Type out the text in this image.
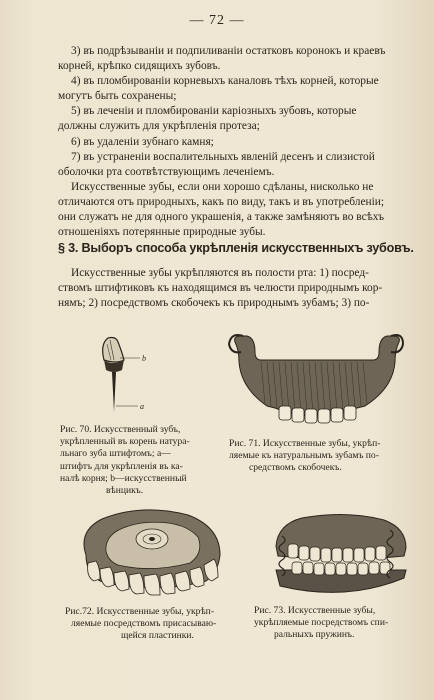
— 72 —
3) въ подрѣзываніи и подпиливаніи остатковъ коронокъ и краевъ
корней, крѣпко сидящихъ зубовъ.
4) въ пломбированіи корневыхъ каналовъ тѣхъ корней, которые
могутъ быть сохранены;
5) въ леченіи и пломбированіи каріозныхъ зубовъ, которые
должны служить для укрѣпленія протеза;
6) въ удаленіи зубнаго камня;
7) въ устраненіи воспалительныхъ явленій десенъ и слизистой
оболочки рта соотвѣтствующимъ леченіемъ.
Искусственные зубы, если они хорошо сдѣланы, нисколько не
отличаются отъ природныхъ, какъ по виду, такъ и въ употребленіи;
они служатъ не для одного украшенія, а также замѣняютъ во всѣхъ
отношеніяхъ потерянные природные зубы.
§ 3. Выборъ способа укрѣпленія искусственныхъ зубовъ.
Искусственные зубы укрѣпляются въ полости рта: 1) посред-
ствомъ штифтиковъ къ находящимся въ челюсти природнымъ кор-
нямъ; 2) посредствомъ скобочекъ къ природнымъ зубамъ; 3) по-
b
a
Рис. 70. Искусственный зубъ,
укрѣпленный въ корень натура-
льнаго зуба штифтомъ; a—
штифтъ для укрѣпленія въ ка-
налѣ корня; b—искусственный
вѣнцикъ.
Рис. 71. Искусственные зубы, укрѣп-
ляемые къ натуральнымъ зубамъ по-
средствомъ скобочекъ.
Рис.72. Искусственные зубы, укрѣп-
ляемые посредствомъ присасываю-
щейся пластинки.
Рис. 73. Искусственные зубы,
укрѣпляемые посредствомъ спи-
ральныхъ пружинъ.
